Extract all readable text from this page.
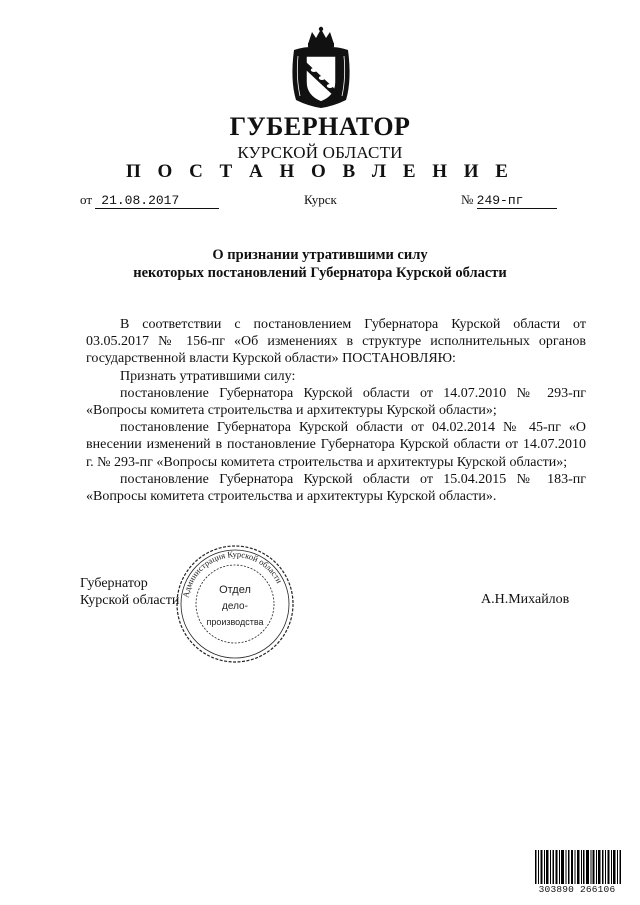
ГУБЕРНАТОР
КУРСКОЙ ОБЛАСТИ
П О С Т А Н О В Л Е Н И Е
от 21.08.2017	Курск	№ 249-пг
О признании утратившими силу
некоторых постановлений Губернатора Курской области

В соответствии с постановлением Губернатора Курской области от 03.05.2017 № 156-пг «Об изменениях в структуре исполнительных органов государственной власти Курской области» ПОСТАНОВЛЯЮ:

Признать утратившими силу:

постановление Губернатора Курской области от 14.07.2010 № 293-пг «Вопросы комитета строительства и архитектуры Курской области»;

постановление Губернатора Курской области от 04.02.2014 № 45-пг «О внесении изменений в постановление Губернатора Курской области от 14.07.2010 г. № 293-пг «Вопросы комитета строительства и архитектуры Курской области»;

постановление Губернатора Курской области от 15.04.2015 № 183-пг «Вопросы комитета строительства и архитектуры Курской области».

Губернатор
Курской области	А.Н.Михайлов
Администрация Курской области
Отдел
дело-
производства
303890 266106
